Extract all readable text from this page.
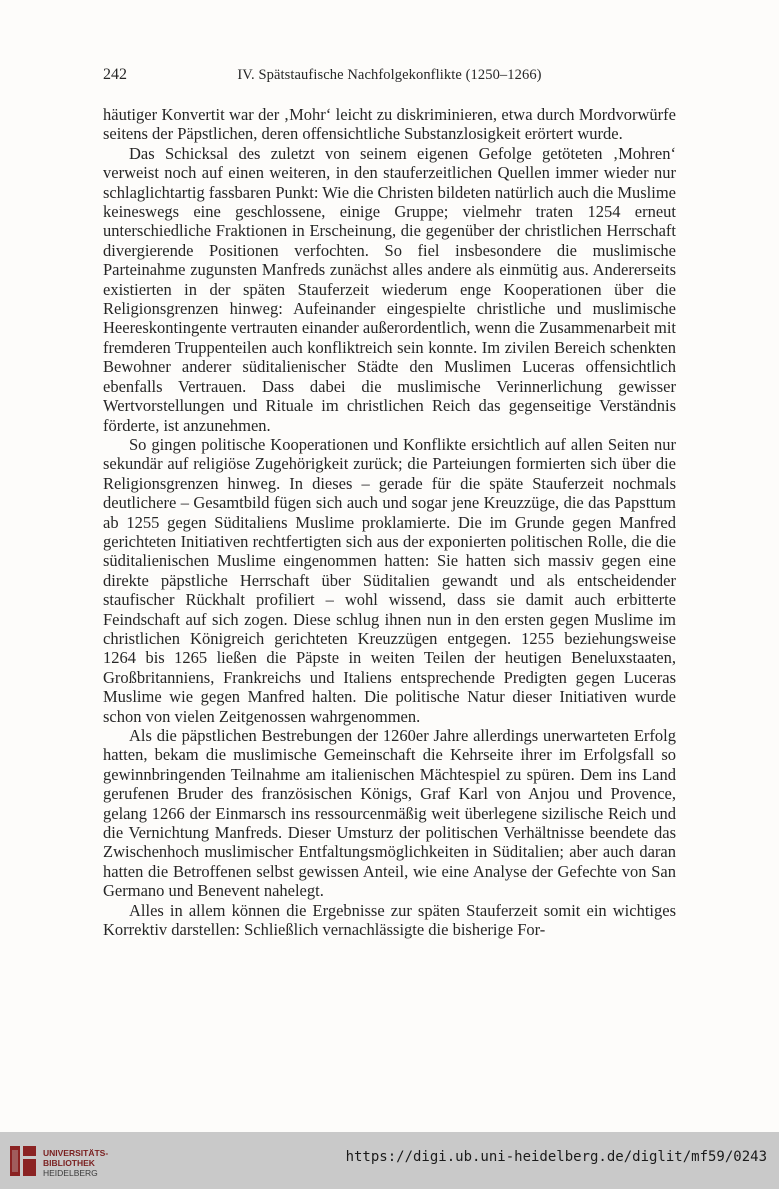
242	IV. Spätstaufische Nachfolgekonflikte (1250–1266)

häutiger Konvertit war der ‚Mohr‘ leicht zu diskriminieren, etwa durch Mordvorwürfe seitens der Päpstlichen, deren offensichtliche Substanzlosigkeit erörtert wurde.

Das Schicksal des zuletzt von seinem eigenen Gefolge getöteten ‚Mohren‘ verweist noch auf einen weiteren, in den stauferzeitlichen Quellen immer wieder nur schlaglichtartig fassbaren Punkt: Wie die Christen bildeten natürlich auch die Muslime keineswegs eine geschlossene, einige Gruppe; vielmehr traten 1254 erneut unterschiedliche Fraktionen in Erscheinung, die gegenüber der christlichen Herrschaft divergierende Positionen verfochten. So fiel insbesondere die muslimische Parteinahme zugunsten Manfreds zunächst alles andere als einmütig aus. Andererseits existierten in der späten Stauferzeit wiederum enge Kooperationen über die Religionsgrenzen hinweg: Aufeinander eingespielte christliche und muslimische Heereskontingente vertrauten einander außerordentlich, wenn die Zusammenarbeit mit fremderen Truppenteilen auch konfliktreich sein konnte. Im zivilen Bereich schenkten Bewohner anderer süditalienischer Städte den Muslimen Luceras offensichtlich ebenfalls Vertrauen. Dass dabei die muslimische Verinnerlichung gewisser Wertvorstellungen und Rituale im christlichen Reich das gegenseitige Verständnis förderte, ist anzunehmen.

So gingen politische Kooperationen und Konflikte ersichtlich auf allen Seiten nur sekundär auf religiöse Zugehörigkeit zurück; die Parteiungen formierten sich über die Religionsgrenzen hinweg. In dieses – gerade für die späte Stauferzeit nochmals deutlichere – Gesamtbild fügen sich auch und sogar jene Kreuzzüge, die das Papsttum ab 1255 gegen Süditaliens Muslime proklamierte. Die im Grunde gegen Manfred gerichteten Initiativen rechtfertigten sich aus der exponierten politischen Rolle, die die süditalienischen Muslime eingenommen hatten: Sie hatten sich massiv gegen eine direkte päpstliche Herrschaft über Süditalien gewandt und als entscheidender staufischer Rückhalt profiliert – wohl wissend, dass sie damit auch erbitterte Feindschaft auf sich zogen. Diese schlug ihnen nun in den ersten gegen Muslime im christlichen Königreich gerichteten Kreuzzügen entgegen. 1255 beziehungsweise 1264 bis 1265 ließen die Päpste in weiten Teilen der heutigen Beneluxstaaten, Großbritanniens, Frankreichs und Italiens entsprechende Predigten gegen Luceras Muslime wie gegen Manfred halten. Die politische Natur dieser Initiativen wurde schon von vielen Zeitgenossen wahrgenommen.

Als die päpstlichen Bestrebungen der 1260er Jahre allerdings unerwarteten Erfolg hatten, bekam die muslimische Gemeinschaft die Kehrseite ihrer im Erfolgsfall so gewinnbringenden Teilnahme am italienischen Mächtespiel zu spüren. Dem ins Land gerufenen Bruder des französischen Königs, Graf Karl von Anjou und Provence, gelang 1266 der Einmarsch ins ressourcenmäßig weit überlegene sizilische Reich und die Vernichtung Manfreds. Dieser Umsturz der politischen Verhältnisse beendete das Zwischenhoch muslimischer Entfaltungsmöglichkeiten in Süditalien; aber auch daran hatten die Betroffenen selbst gewissen Anteil, wie eine Analyse der Gefechte von San Germano und Benevent nahelegt.

Alles in allem können die Ergebnisse zur späten Stauferzeit somit ein wichtiges Korrektiv darstellen: Schließlich vernachlässigte die bisherige For-

UNIVERSITÄTS-
BIBLIOTHEK
HEIDELBERG
https://digi.ub.uni-heidelberg.de/diglit/mf59/0243
